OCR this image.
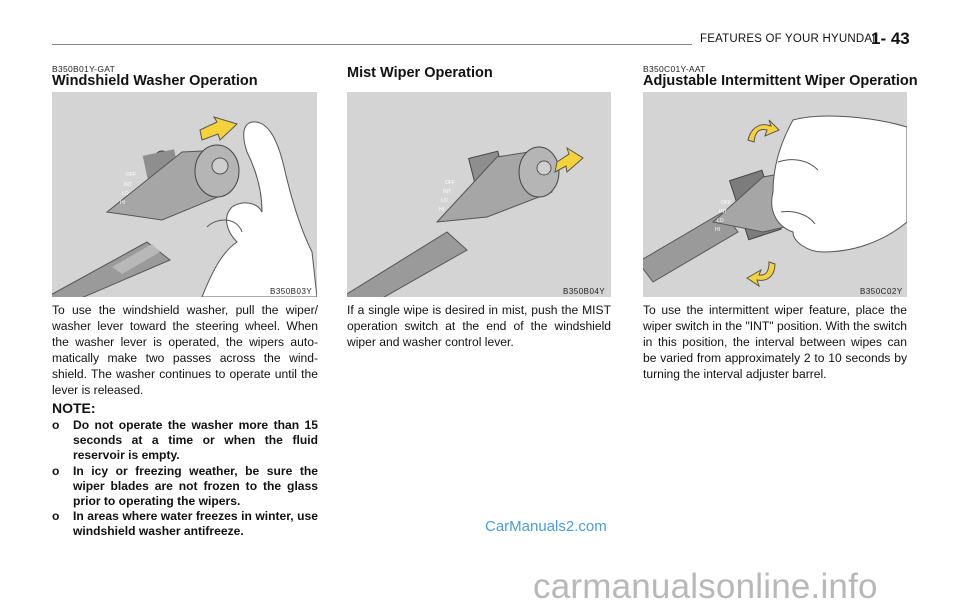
FEATURES OF YOUR HYUNDAI
1- 43
B350B01Y-GAT
Windshield Washer Operation
OFF
INT
LO
HI
B350B03Y
To use the windshield washer, pull the wiper/ washer lever toward the steering wheel. When the washer lever is operated, the wipers auto- matically make two passes across the wind- shield. The washer continues to operate until the lever is released.
NOTE:
o Do not operate the washer more than 15 seconds at a time or when the fluid reservoir is empty.
o In icy or freezing weather, be sure the wiper blades are not frozen to the glass prior to operating the wipers.
o In areas where water freezes in winter, use windshield washer antifreeze.
Mist Wiper Operation
OFF
INT
LO
HI
B350B04Y
If a single wipe is desired in mist, push the MIST operation switch at the end of the windshield wiper and washer control lever.
B350C01Y-AAT
Adjustable Intermittent Wiper Operation
OFF
INT
LO
HI
B350C02Y
To use the intermittent wiper feature, place the wiper switch in the "INT" position. With the switch in this position, the interval between wipes can be varied from approximately 2 to 10 seconds by turning the interval adjuster barrel.
CarManuals2.com
carmanualsonline.info
